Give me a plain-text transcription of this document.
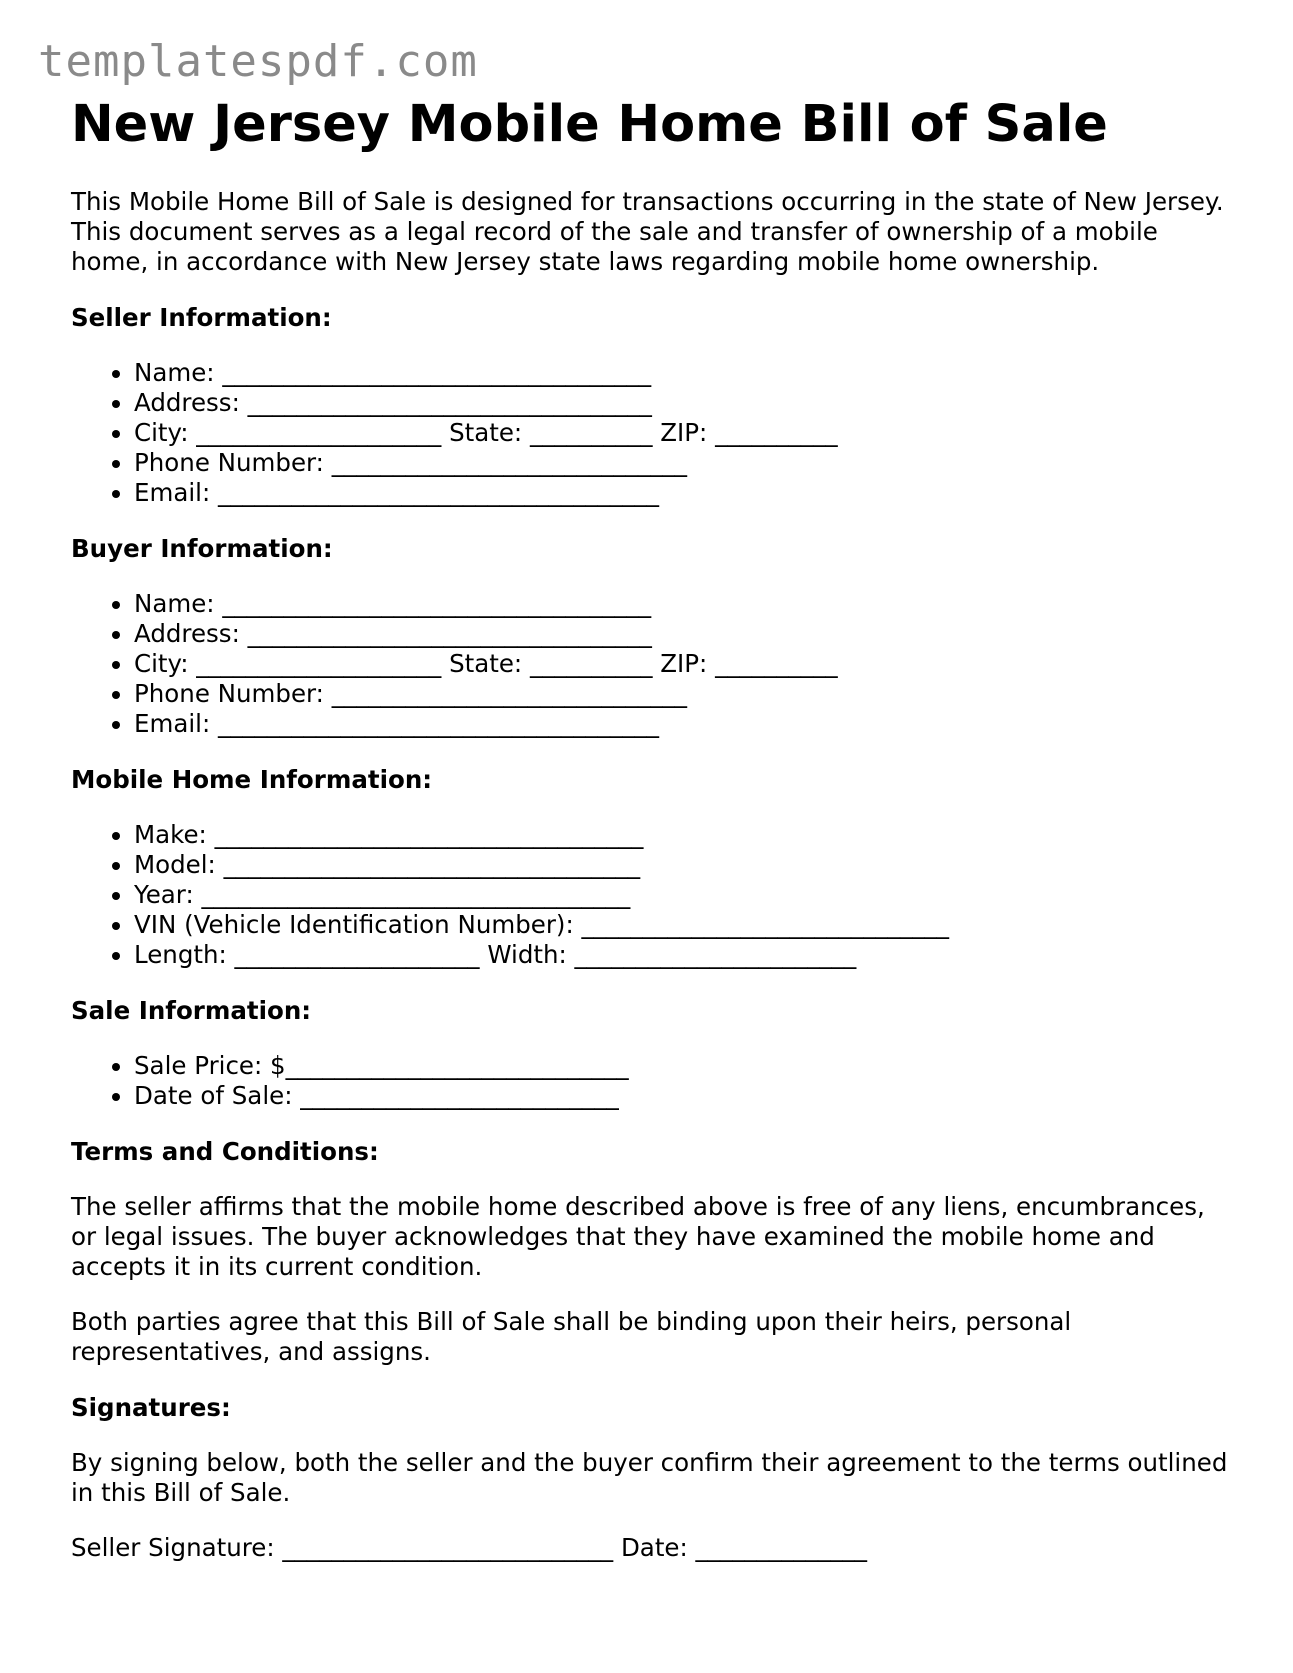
templatespdf.com
New Jersey Mobile Home Bill of Sale

This Mobile Home Bill of Sale is designed for transactions occurring in the state of New Jersey. This document serves as a legal record of the sale and transfer of ownership of a mobile home, in accordance with New Jersey state laws regarding mobile home ownership.

Seller Information:
• Name: ___________________________________
• Address: _________________________________
• City: ____________________ State: __________ ZIP: __________
• Phone Number: _____________________________
• Email: ____________________________________
Buyer Information:
• Name: ___________________________________
• Address: _________________________________
• City: ____________________ State: __________ ZIP: __________
• Phone Number: _____________________________
• Email: ____________________________________
Mobile Home Information:
• Make: ___________________________________
• Model: __________________________________
• Year: ___________________________________
• VIN (Vehicle Identification Number): ______________________________
• Length: ____________________ Width: _______________________
Sale Information:
• Sale Price: $____________________________
• Date of Sale: __________________________
Terms and Conditions:

The seller affirms that the mobile home described above is free of any liens, encumbrances, or legal issues. The buyer acknowledges that they have examined the mobile home and accepts it in its current condition.

Both parties agree that this Bill of Sale shall be binding upon their heirs, personal representatives, and assigns.

Signatures:

By signing below, both the seller and the buyer confirm their agreement to the terms outlined in this Bill of Sale.

Seller Signature: ___________________________ Date: ______________
